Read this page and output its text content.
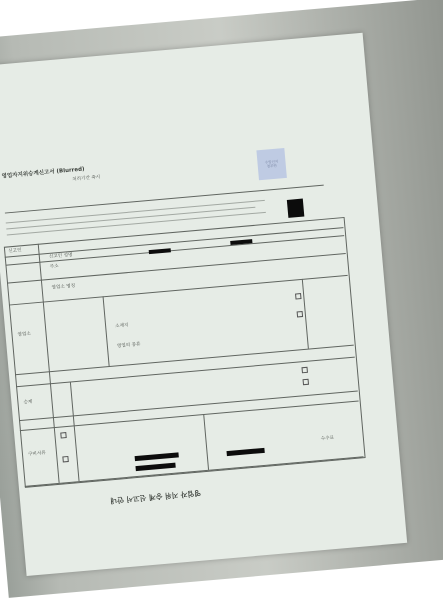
영업자지위승계신고서 (Blurred)
처리기간 즉시
수입인지
첨부란
신고인
신고인 성명
주소
영업소 명칭
영업소
승계
구비서류
소재지
영업의 종류
수수료
영업자 지위 승계 신고서 안내
